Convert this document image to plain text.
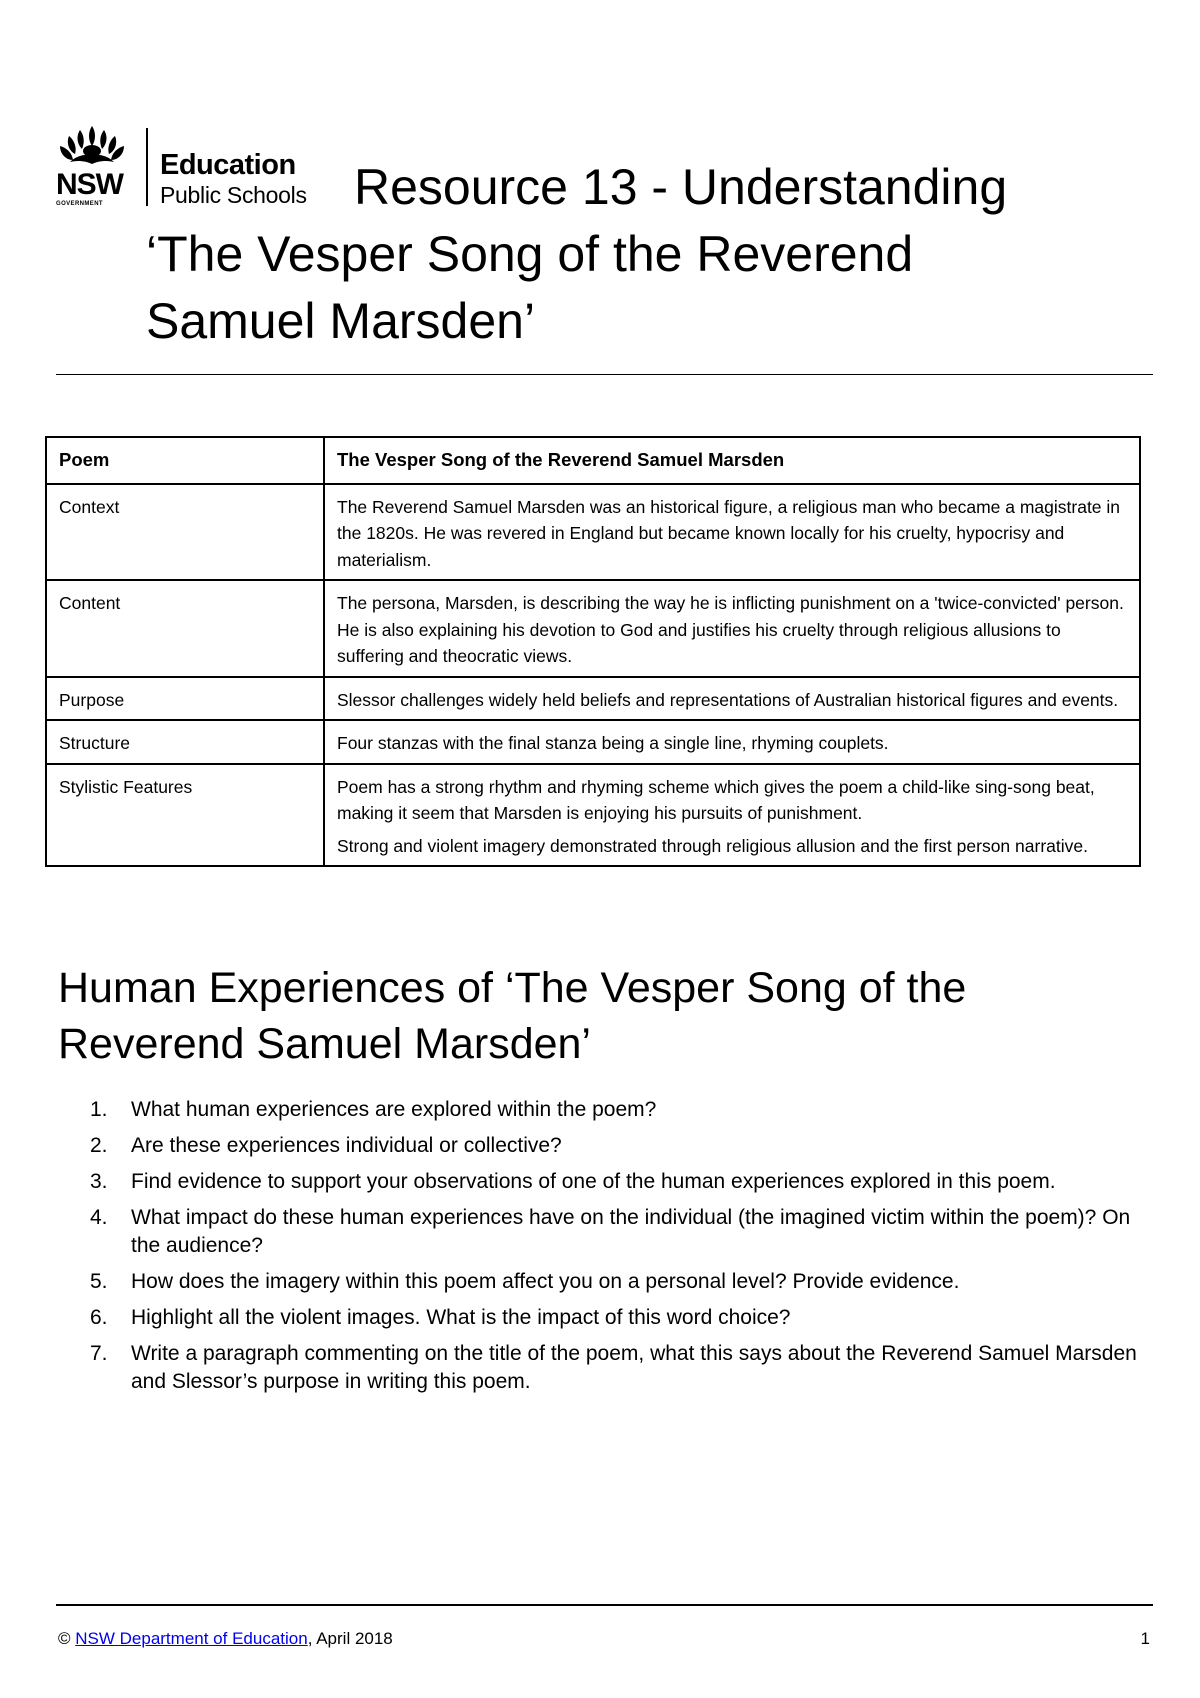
NSW
GOVERNMENT
Education
Public Schools Resource 13 - Understanding
‘The Vesper Song of the Reverend
Samuel Marsden’
Poem	The Vesper Song of the Reverend Samuel Marsden
Context	The Reverend Samuel Marsden was an historical figure, a religious man who became a magistrate in the 1820s. He was revered in England but became known locally for his cruelty, hypocrisy and materialism.

Content	The persona, Marsden, is describing the way he is inflicting punishment on a 'twice-convicted' person. He is also explaining his devotion to God and justifies his cruelty through religious allusions to suffering and theocratic views.

Purpose	Slessor challenges widely held beliefs and representations of Australian historical figures and events.

Structure	Four stanzas with the final stanza being a single line, rhyming couplets.

Stylistic Features	Poem has a strong rhythm and rhyming scheme which gives the poem a child-like sing-song beat, making it seem that Marsden is enjoying his pursuits of punishment.

Strong and violent imagery demonstrated through religious allusion and the first person narrative.

Human Experiences of ‘The Vesper Song of the
Reverend Samuel Marsden’
1. What human experiences are explored within the poem?
2. Are these experiences individual or collective?
3. Find evidence to support your observations of one of the human experiences explored in this poem.
4. What impact do these human experiences have on the individual (the imagined victim within the poem)? On the audience?
5. How does the imagery within this poem affect you on a personal level? Provide evidence.
6. Highlight all the violent images. What is the impact of this word choice?
7. Write a paragraph commenting on the title of the poem, what this says about the Reverend Samuel Marsden and Slessor’s purpose in writing this poem.
© NSW Department of Education, April 2018	1
